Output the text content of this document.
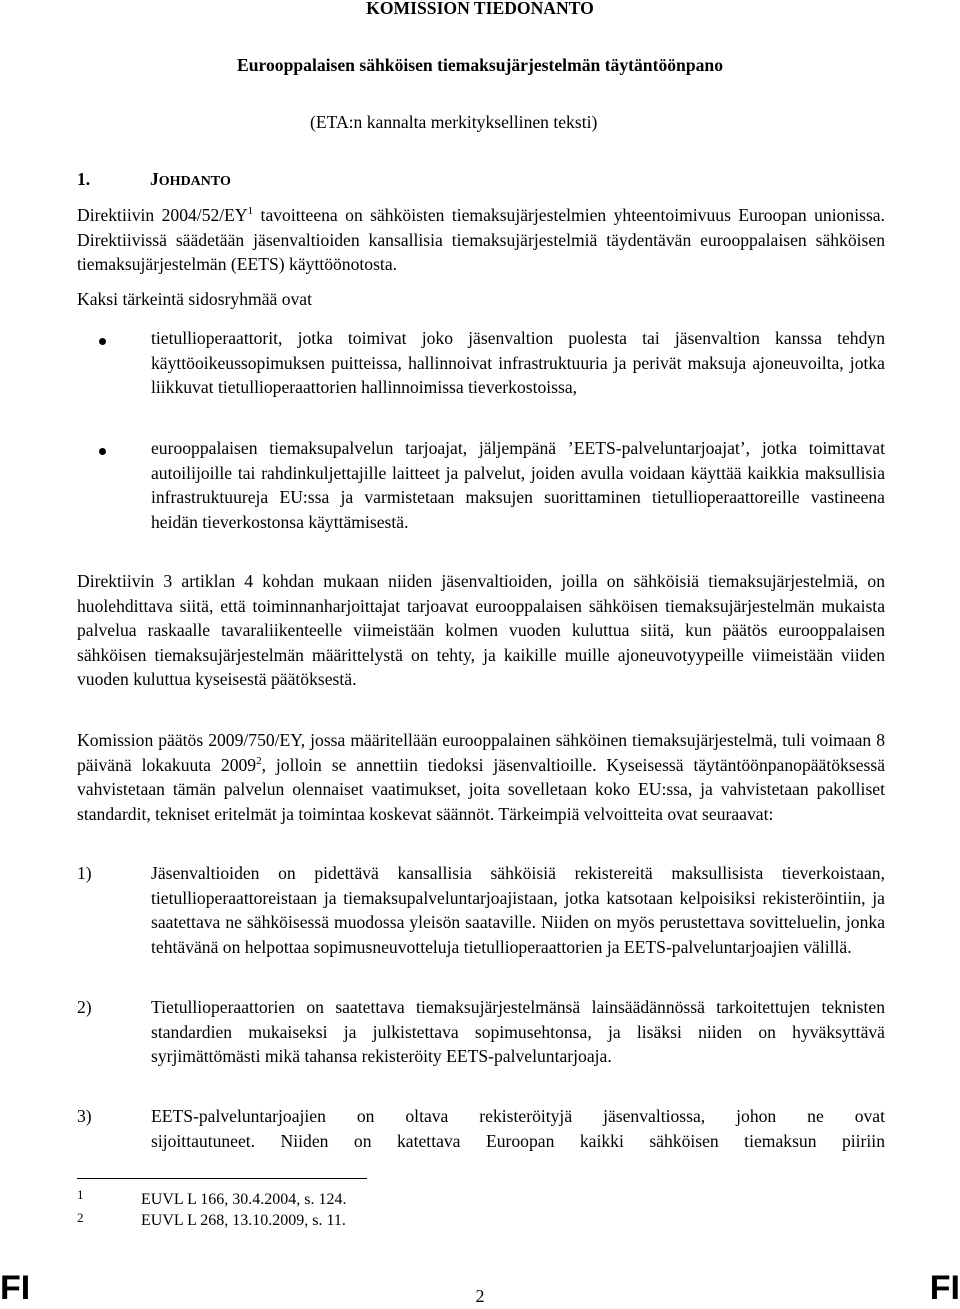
KOMISSION TIEDONANTO
Eurooppalaisen sähköisen tiemaksujärjestelmän täytäntöönpano
(ETA:n kannalta merkityksellinen teksti)
1.	JOHDANTO
Direktiivin $2004/52/EY^1$ tavoitteena on sähköisten tiemaksujärjestelmien yhteentoimivuus Euroopan unionissa. Direktiivissä säädetään jäsenvaltioiden kansallisia tiemaksujärjestelmiä täydentävän eurooppalaisen sähköisen tiemaksujärjestelmän (EETS) käyttöönotosta.
Kaksi tärkeintä sidosryhmää ovat
tietullioperaattorit, jotka toimivat joko jäsenvaltion puolesta tai jäsenvaltion kanssa tehdyn käyttöoikeussopimuksen puitteissa, hallinnoivat infrastruktuuria ja perivät maksuja ajoneuvoilta, jotka liikkuvat tietullioperaattorien hallinnoimissa tieverkostoissa,
eurooppalaisen tiemaksupalvelun tarjoajat, jäljempänä ’EETS-palveluntarjoajat’, jotka toimittavat autoilijoille tai rahdinkuljettajille laitteet ja palvelut, joiden avulla voidaan käyttää kaikkia maksullisia infrastruktuureja EU:ssa ja varmistetaan maksujen suorittaminen tietullioperaattoreille vastineena heidän tieverkostonsa käyttämisestä.
Direktiivin 3 artiklan 4 kohdan mukaan niiden jäsenvaltioiden, joilla on sähköisiä tiemaksujärjestelmiä, on huolehdittava siitä, että toiminnanharjoittajat tarjoavat eurooppalaisen sähköisen tiemaksujärjestelmän mukaista palvelua raskaalle tavaraliikenteelle viimeistään kolmen vuoden kuluttua siitä, kun päätös eurooppalaisen sähköisen tiemaksujärjestelmän määrittelystä on tehty, ja kaikille muille ajoneuvotyypeille viimeistään viiden vuoden kuluttua kyseisestä päätöksestä.
Komission päätös 2009/750/EY, jossa määritellään eurooppalainen sähköinen tiemaksujärjestelmä, tuli voimaan 8 päivänä lokakuuta 2009$^2$, jolloin se annettiin tiedoksi jäsenvaltioille. Kyseisessä täytäntöönpanopäätöksessä vahvistetaan tämän palvelun olennaiset vaatimukset, joita sovelletaan koko EU:ssa, ja vahvistetaan pakolliset standardit, tekniset eritelmät ja toimintaa koskevat säännöt. Tärkeimpiä velvoitteita ovat seuraavat:
1)	Jäsenvaltioiden on pidettävä kansallisia sähköisiä rekistereitä maksullisista tieverkoistaan, tietullioperaattoreistaan ja tiemaksupalveluntarjoajistaan, jotka katsotaan kelpoisiksi rekisteröintiin, ja saatettava ne sähköisessä muodossa yleisön saataville. Niiden on myös perustettava sovitteluelin, jonka tehtävänä on helpottaa sopimusneuvotteluja tietullioperaattorien ja EETS-palveluntarjoajien välillä.
2)	Tietullioperaattorien on saatettava tiemaksujärjestelmänsä lainsäädännössä tarkoitettujen teknisten standardien mukaiseksi ja julkistettava sopimusehtonsa, ja lisäksi niiden on hyväksyttävä syrjimättömästi mikä tahansa rekisteröity EETS-palveluntarjoaja.
3)	EETS-palveluntarjoajien on oltava rekisteröityjä jäsenvaltiossa, johon ne ovat
sijoittautuneet. Niiden on katettava Euroopan kaikki sähköisen tiemaksun piiriin
1	EUVL L 166, 30.4.2004, s. 124.
2	EUVL L 268, 13.10.2009, s. 11.
FI	2	FI
